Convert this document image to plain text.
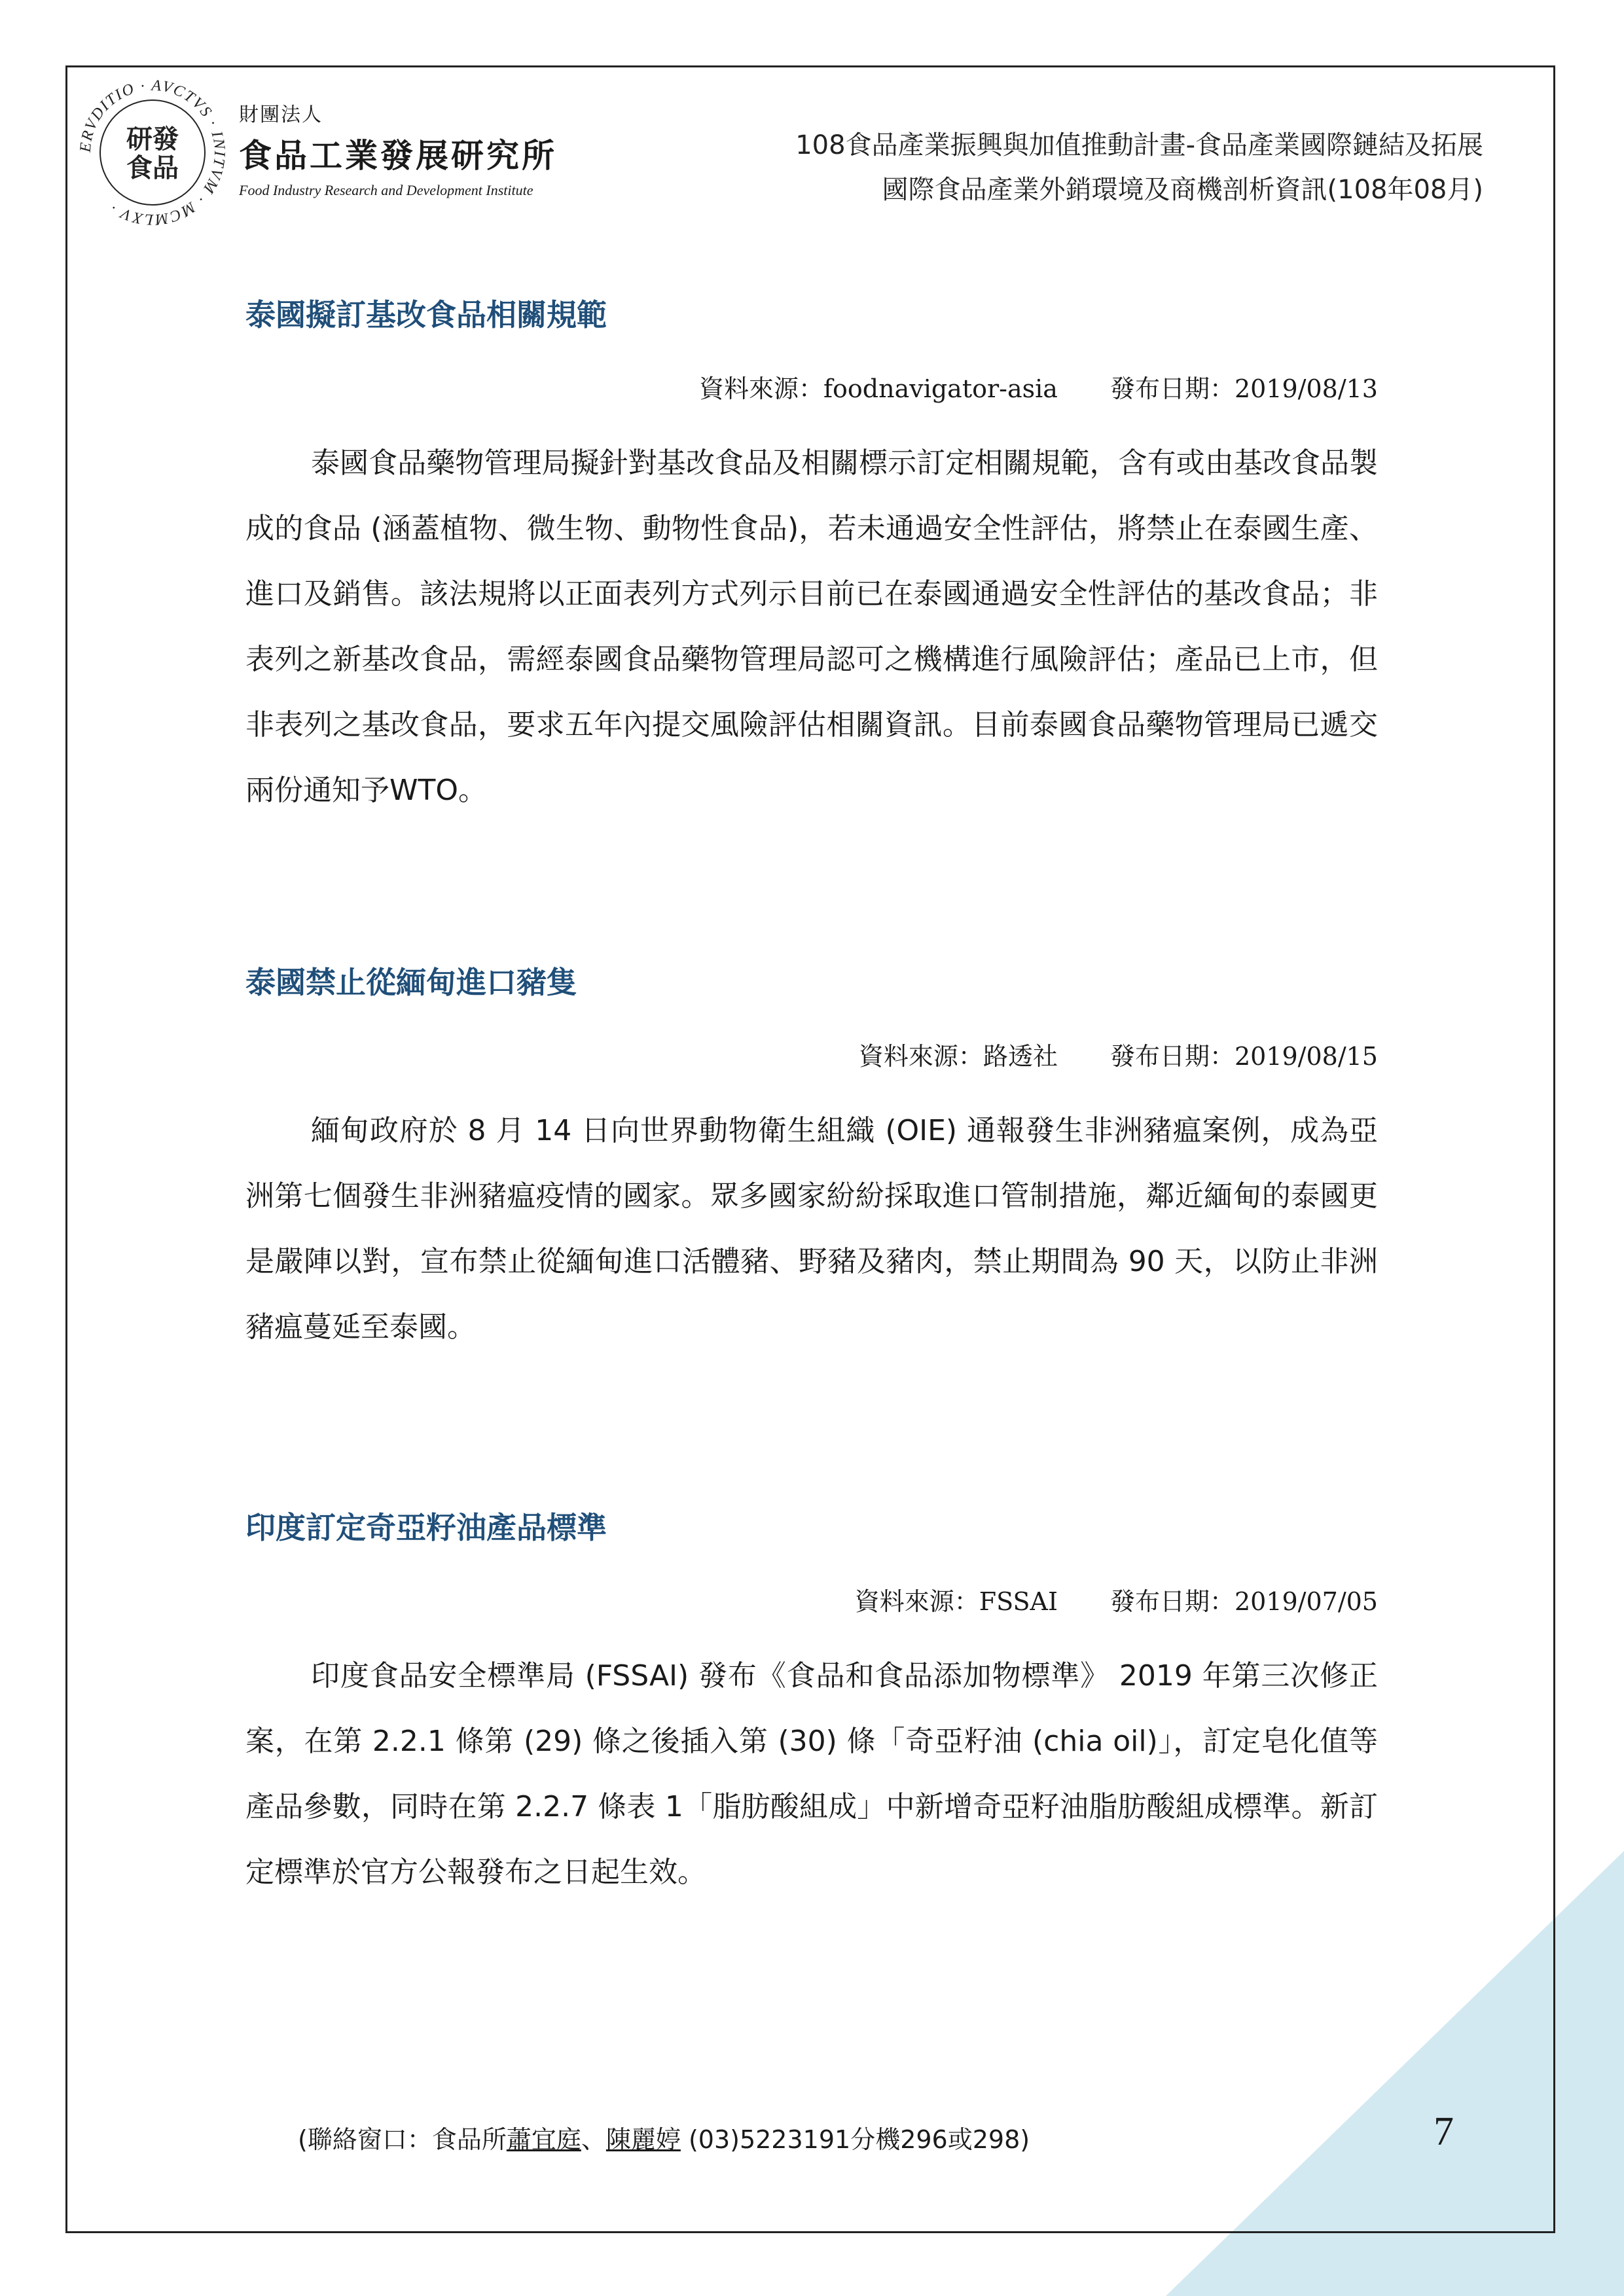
ERVDITIO · AVCTVS · INITVM · MCMLXV ·
研發
食品
財團法人
食品工業發展研究所
Food Industry Research and Development Institute
108食品產業振興與加值推動計畫-食品產業國際鏈結及拓展
國際食品產業外銷環境及商機剖析資訊(108年08月)
泰國擬訂基改食品相關規範
資料來源：foodnavigator-asia 發布日期：2019/08/13

泰國食品藥物管理局擬針對基改食品及相關標示訂定相關規範，含有或由基改食品製成的食品 (涵蓋植物、微生物、動物性食品)，若未通過安全性評估，將禁止在泰國生產、進口及銷售。該法規將以正面表列方式列示目前已在泰國通過安全性評估的基改食品；非表列之新基改食品，需經泰國食品藥物管理局認可之機構進行風險評估；產品已上市，但非表列之基改食品，要求五年內提交風險評估相關資訊。目前泰國食品藥物管理局已遞交兩份通知予WTO。

泰國禁止從緬甸進口豬隻
資料來源：路透社 發布日期：2019/08/15

緬甸政府於 8 月 14 日向世界動物衛生組織 (OIE) 通報發生非洲豬瘟案例，成為亞洲第七個發生非洲豬瘟疫情的國家。眾多國家紛紛採取進口管制措施，鄰近緬甸的泰國更是嚴陣以對，宣布禁止從緬甸進口活體豬、野豬及豬肉，禁止期間為 90 天，以防止非洲豬瘟蔓延至泰國。

印度訂定奇亞籽油產品標準
資料來源：FSSAI 發布日期：2019/07/05

印度食品安全標準局 (FSSAI) 發布《食品和食品添加物標準》 2019 年第三次修正案，在第 2.2.1 條第 (29) 條之後插入第 (30) 條「奇亞籽油 (chia oil)」，訂定皂化值等產品參數，同時在第 2.2.7 條表 1「脂肪酸組成」中新增奇亞籽油脂肪酸組成標準。新訂定標準於官方公報發布之日起生效。

(聯絡窗口：食品所蕭宜庭、陳麗婷 (03)5223191分機296或298)	7
